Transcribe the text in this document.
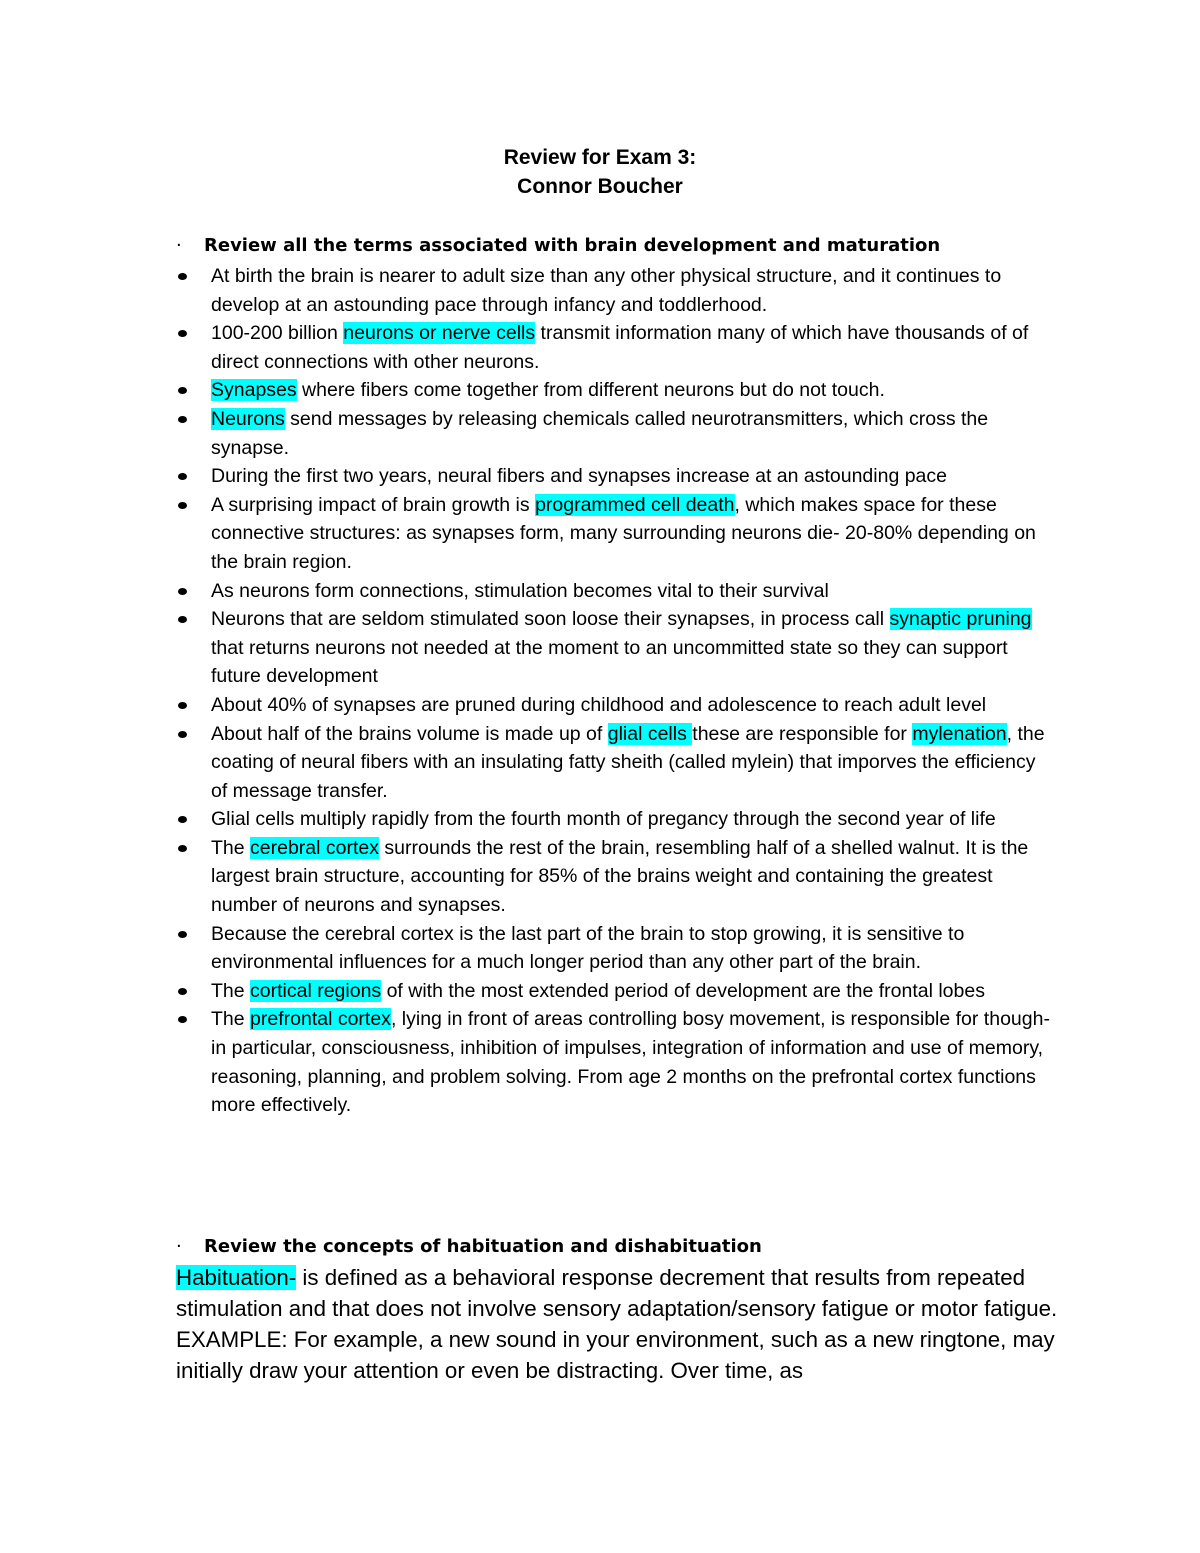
Review for Exam 3:
Connor Boucher
· Review all the terms associated with brain development and maturation
At birth the brain is nearer to adult size than any other physical structure, and it continues to develop at an astounding pace through infancy and toddlerhood.
100-200 billion neurons or nerve cells transmit information many of which have thousands of of direct connections with other neurons.
Synapses where fibers come together from different neurons but do not touch.
Neurons send messages by releasing chemicals called neurotransmitters, which cross the synapse.
During the first two years, neural fibers and synapses increase at an astounding pace
A surprising impact of brain growth is programmed cell death, which makes space for these connective structures: as synapses form, many surrounding neurons die- 20-80% depending on the brain region.
As neurons form connections, stimulation becomes vital to their survival
Neurons that are seldom stimulated soon loose their synapses, in process call synaptic pruning that returns neurons not needed at the moment to an uncommitted state so they can support future development
About 40% of synapses are pruned during childhood and adolescence to reach adult level
About half of the brains volume is made up of glial cells these are responsible for mylenation, the coating of neural fibers with an insulating fatty sheith (called mylein) that imporves the efficiency of message transfer.
Glial cells multiply rapidly from the fourth month of pregancy through the second year of life
The cerebral cortex surrounds the rest of the brain, resembling half of a shelled walnut. It is the largest brain structure, accounting for 85% of the brains weight and containing the greatest number of neurons and synapses.
Because the cerebral cortex is the last part of the brain to stop growing, it is sensitive to environmental influences for a much longer period than any other part of the brain.
The cortical regions of with the most extended period of development are the frontal lobes
The prefrontal cortex, lying in front of areas controlling bosy movement, is responsible for though- in particular, consciousness, inhibition of impulses, integration of information and use of memory, reasoning, planning, and problem solving. From age 2 months on the prefrontal cortex functions more effectively.
· Review the concepts of habituation and dishabituation

Habituation- is defined as a behavioral response decrement that results from repeated stimulation and that does not involve sensory adaptation/sensory fatigue or motor fatigue. EXAMPLE: For example, a new sound in your environment, such as a new ringtone, may initially draw your attention or even be distracting. Over time, as
